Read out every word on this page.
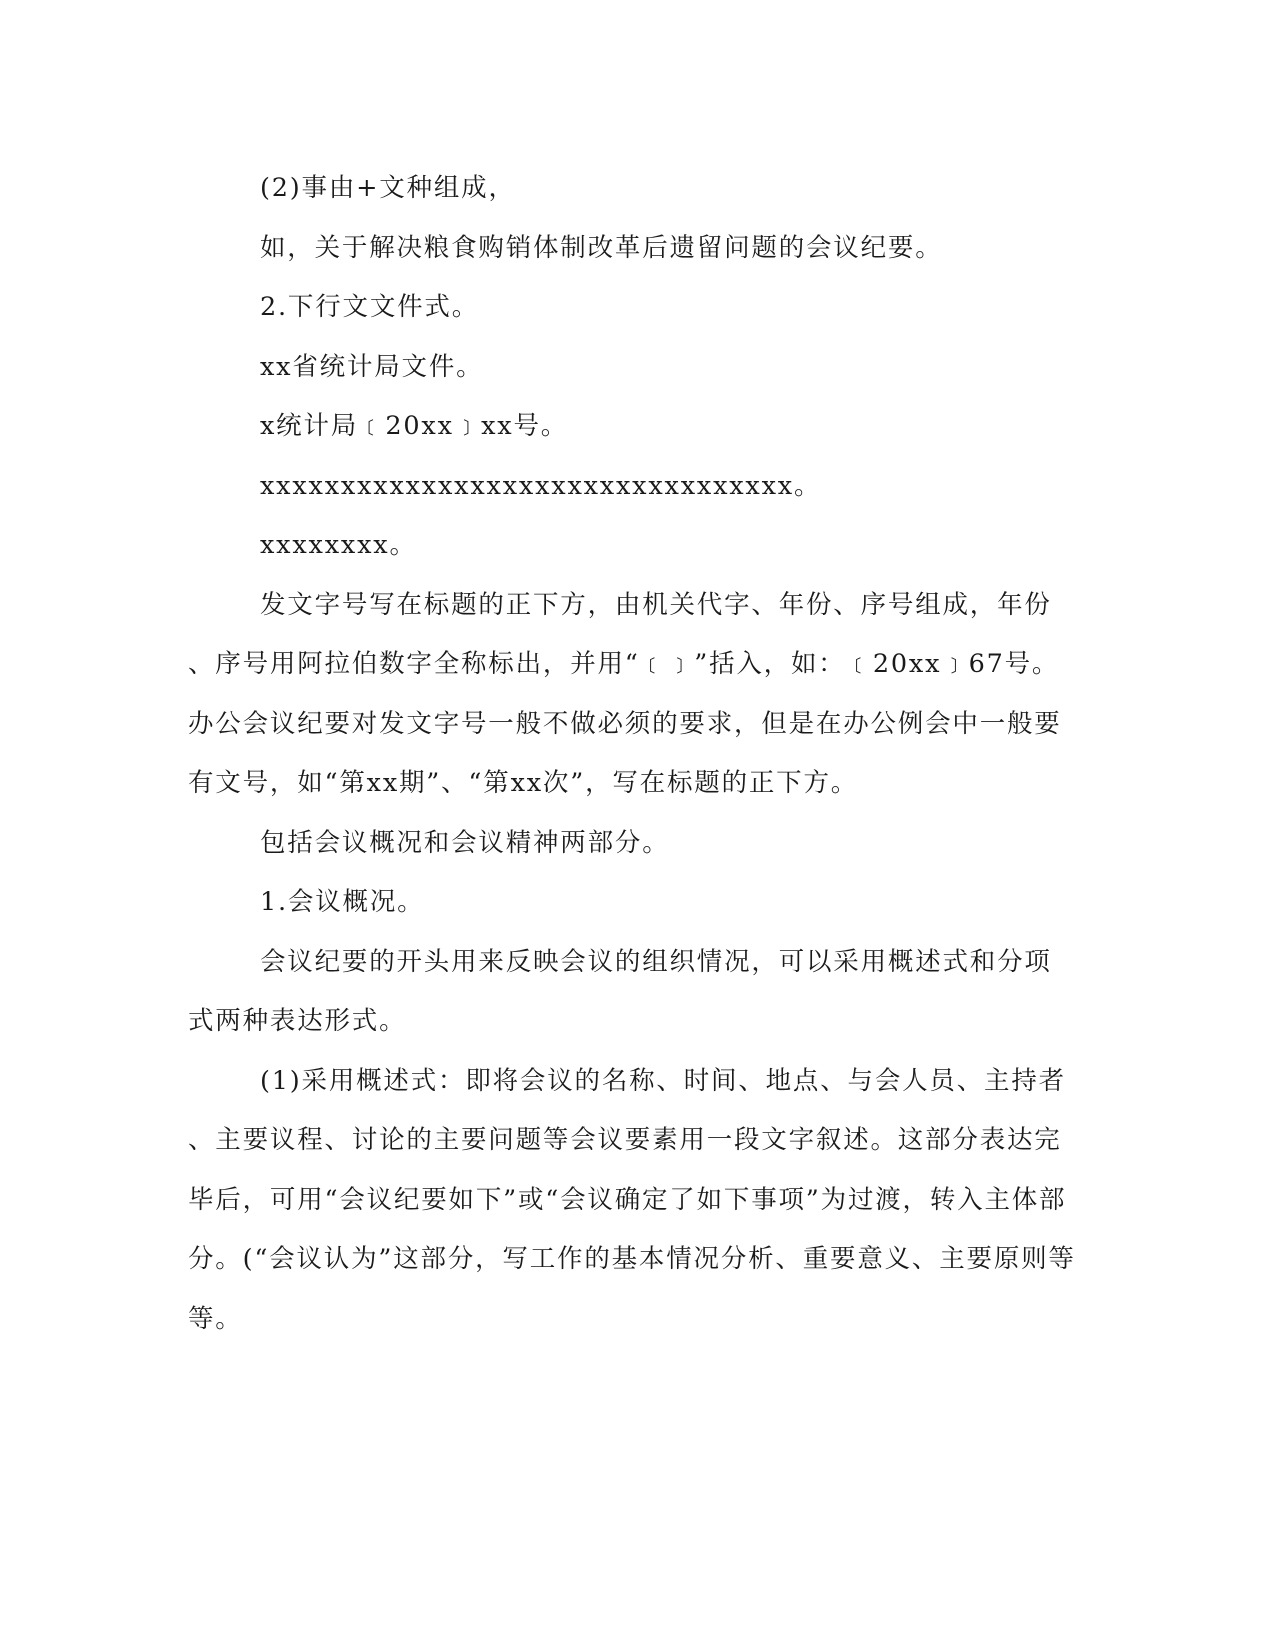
(2)事由+文种组成，

如，关于解决粮食购销体制改革后遗留问题的会议纪要。

2.下行文文件式。

xx省统计局文件。

x统计局﹝20xx﹞xx号。

xxxxxxxxxxxxxxxxxxxxxxxxxxxxxxxxx。

xxxxxxxx。

发文字号写在标题的正下方，由机关代字、年份、序号组成，年份、序号用阿拉伯数字全称标出，并用“﹝﹞”括入，如：﹝20xx﹞67号。办公会议纪要对发文字号一般不做必须的要求，但是在办公例会中一般要有文号，如“第xx期”、“第xx次”，写在标题的正下方。

包括会议概况和会议精神两部分。

1.会议概况。

会议纪要的开头用来反映会议的组织情况，可以采用概述式和分项式两种表达形式。

(1)采用概述式：即将会议的名称、时间、地点、与会人员、主持者、主要议程、讨论的主要问题等会议要素用一段文字叙述。这部分表达完毕后，可用“会议纪要如下”或“会议确定了如下事项”为过渡，转入主体部分。(“会议认为”这部分，写工作的基本情况分析、重要意义、主要原则等等。
